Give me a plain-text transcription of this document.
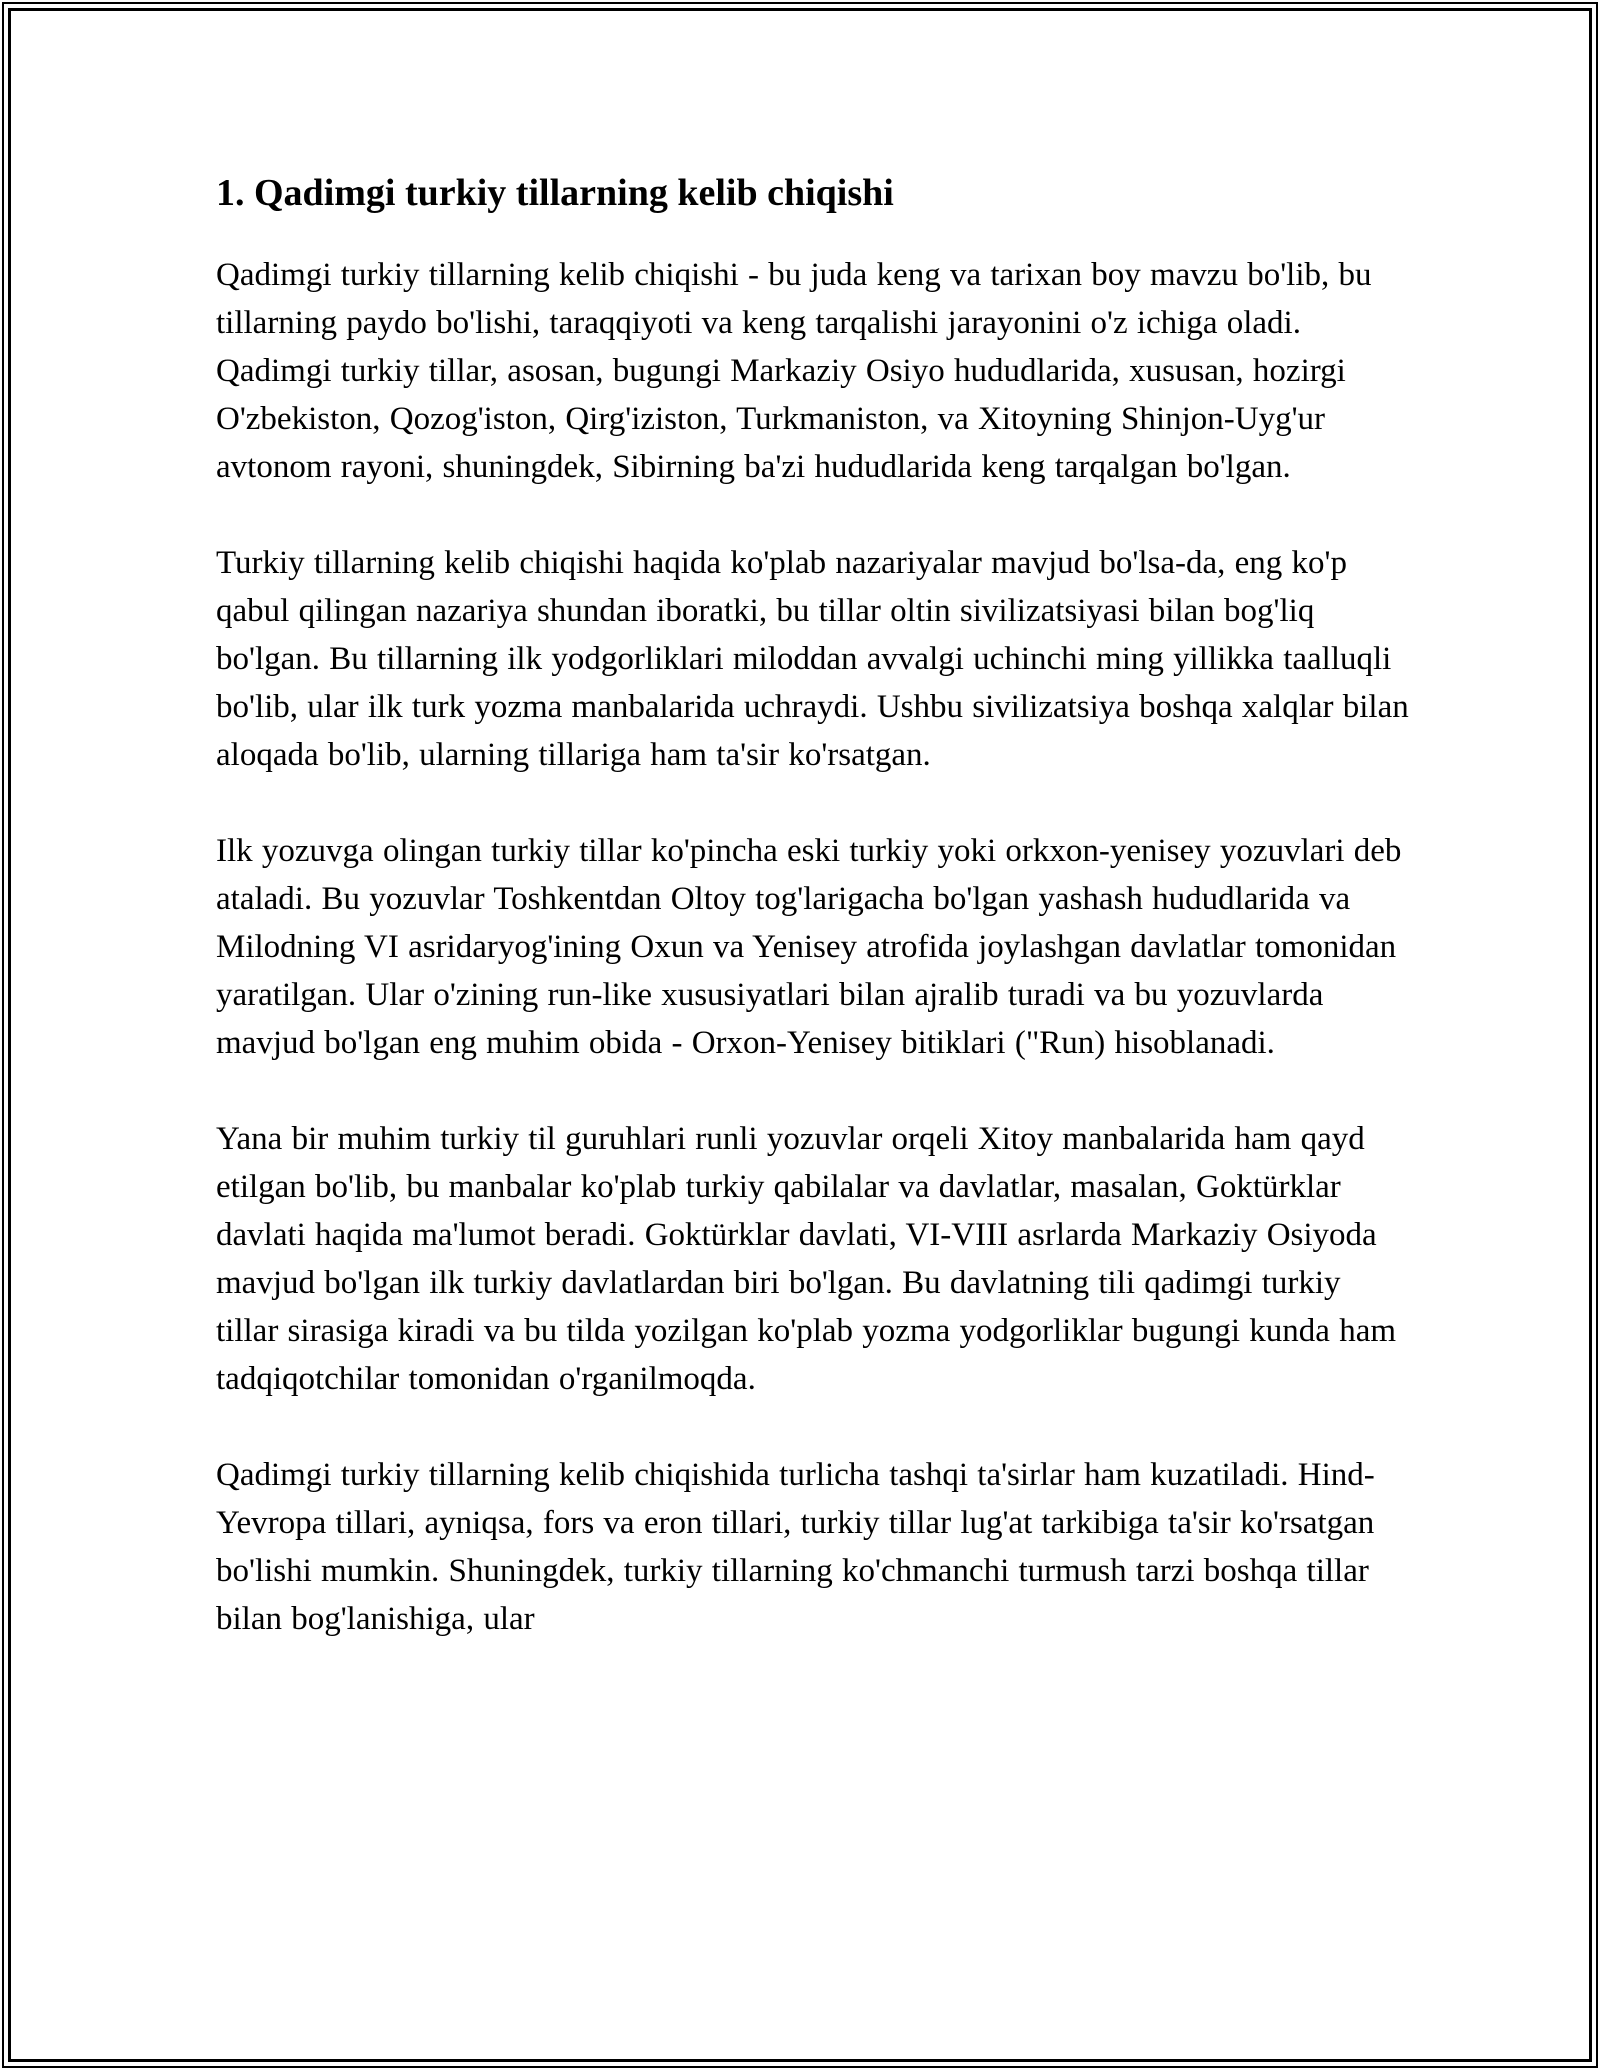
1. Qadimgi turkiy tillarning kelib chiqishi

Qadimgi turkiy tillarning kelib chiqishi - bu juda keng va tarixan boy mavzu bo'lib, bu tillarning paydo bo'lishi, taraqqiyoti va keng tarqalishi jarayonini o'z ichiga oladi. Qadimgi turkiy tillar, asosan, bugungi Markaziy Osiyo hududlarida, xususan, hozirgi O'zbekiston, Qozog'iston, Qirg'iziston, Turkmaniston, va Xitoyning Shinjon-Uyg'ur avtonom rayoni, shuningdek, Sibirning ba'zi hududlarida keng tarqalgan bo'lgan.

Turkiy tillarning kelib chiqishi haqida ko'plab nazariyalar mavjud bo'lsa-da, eng ko'p qabul qilingan nazariya shundan iboratki, bu tillar oltin sivilizatsiyasi bilan bog'liq bo'lgan. Bu tillarning ilk yodgorliklari miloddan avvalgi uchinchi ming yillikka taalluqli bo'lib, ular ilk turk yozma manbalarida uchraydi. Ushbu sivilizatsiya boshqa xalqlar bilan aloqada bo'lib, ularning tillariga ham ta'sir ko'rsatgan.

Ilk yozuvga olingan turkiy tillar ko'pincha eski turkiy yoki orkxon-yenisey yozuvlari deb ataladi. Bu yozuvlar Toshkentdan Oltoy tog'larigacha bo'lgan yashash hududlarida va Milodning VI asridaryog'ining Oxun va Yenisey atrofida joylashgan davlatlar tomonidan yaratilgan. Ular o'zining run-like xususiyatlari bilan ajralib turadi va bu yozuvlarda mavjud bo'lgan eng muhim obida - Orxon-Yenisey bitiklari ("Run) hisoblanadi.

Yana bir muhim turkiy til guruhlari runli yozuvlar orqeli Xitoy manbalarida ham qayd etilgan bo'lib, bu manbalar ko'plab turkiy qabilalar va davlatlar, masalan, Goktürklar davlati haqida ma'lumot beradi. Goktürklar davlati, VI-VIII asrlarda Markaziy Osiyoda mavjud bo'lgan ilk turkiy davlatlardan biri bo'lgan. Bu davlatning tili qadimgi turkiy tillar sirasiga kiradi va bu tilda yozilgan ko'plab yozma yodgorliklar bugungi kunda ham tadqiqotchilar tomonidan o'rganilmoqda.

Qadimgi turkiy tillarning kelib chiqishida turlicha tashqi ta'sirlar ham kuzatiladi. Hind-Yevropa tillari, ayniqsa, fors va eron tillari, turkiy tillar lug'at tarkibiga ta'sir ko'rsatgan bo'lishi mumkin. Shuningdek, turkiy tillarning ko'chmanchi turmush tarzi boshqa tillar bilan bog'lanishiga, ular
